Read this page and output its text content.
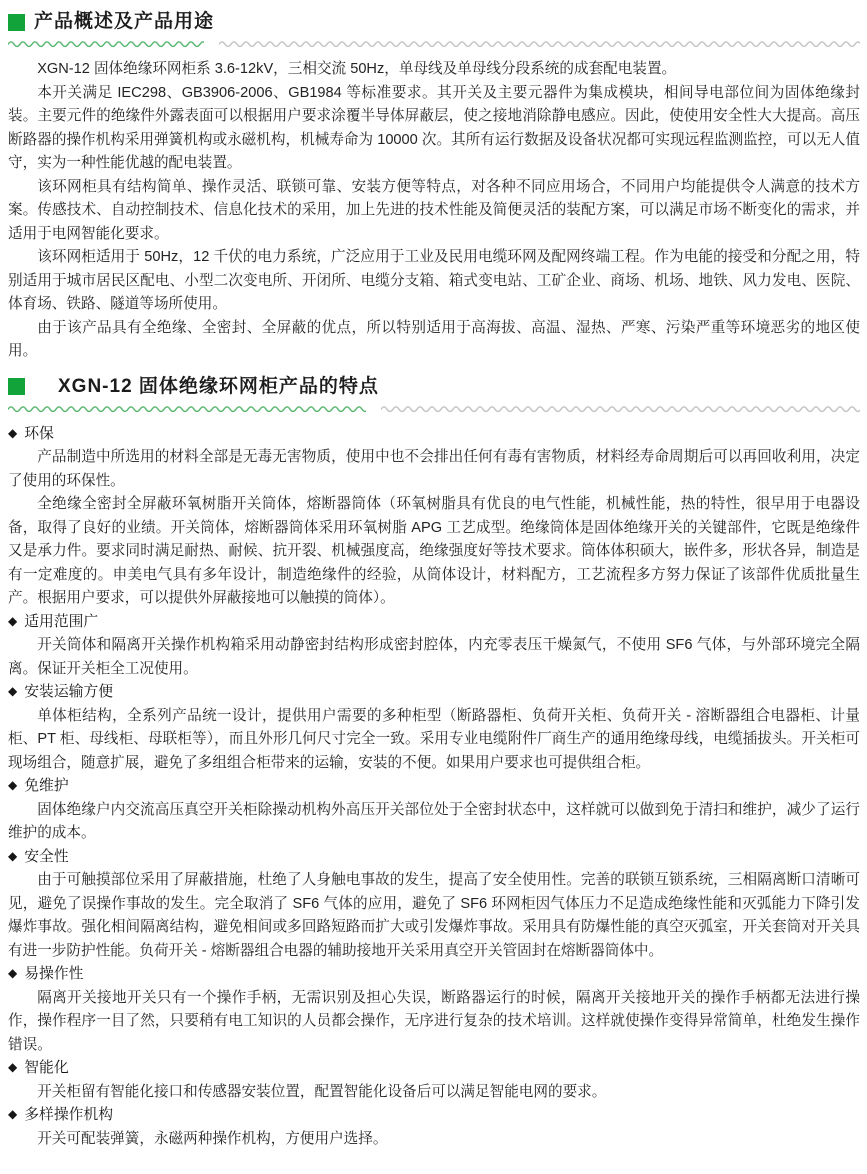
产品概述及产品用途

XGN-12 固体绝缘环网柜系 3.6-12kV，三相交流 50Hz，单母线及单母线分段系统的成套配电装置。

本开关满足 IEC298、GB3906-2006、GB1984 等标准要求。其开关及主要元器件为集成模块，相间导电部位间为固体绝缘封装。主要元件的绝缘件外露表面可以根据用户要求涂覆半导体屏蔽层，使之接地消除静电感应。因此，使使用安全性大大提高。高压断路器的操作机构采用弹簧机构或永磁机构，机械寿命为 10000 次。其所有运行数据及设备状况都可实现远程监测监控，可以无人值守，实为一种性能优越的配电装置。

该环网柜具有结构简单、操作灵活、联锁可靠、安装方便等特点，对各种不同应用场合，不同用户均能提供令人满意的技术方案。传感技术、自动控制技术、信息化技术的采用，加上先进的技术性能及简便灵活的装配方案，可以满足市场不断变化的需求，并适用于电网智能化要求。

该环网柜适用于 50Hz，12 千伏的电力系统，广泛应用于工业及民用电缆环网及配网终端工程。作为电能的接受和分配之用，特别适用于城市居民区配电、小型二次变电所、开闭所、电缆分支箱、箱式变电站、工矿企业、商场、机场、地铁、风力发电、医院、体育场、铁路、隧道等场所使用。

由于该产品具有全绝缘、全密封、全屏蔽的优点，所以特别适用于高海拔、高温、湿热、严寒、污染严重等环境恶劣的地区使用。

XGN-12 固体绝缘环网柜产品的特点

◆ 环保

产品制造中所选用的材料全部是无毒无害物质，使用中也不会排出任何有毒有害物质，材料经寿命周期后可以再回收利用，决定了使用的环保性。

全绝缘全密封全屏蔽环氧树脂开关筒体，熔断器筒体（环氧树脂具有优良的电气性能，机械性能，热的特性，很早用于电器设备，取得了良好的业绩。开关筒体，熔断器筒体采用环氧树脂 APG 工艺成型。绝缘筒体是固体绝缘开关的关键部件，它既是绝缘件又是承力件。要求同时满足耐热、耐候、抗开裂、机械强度高，绝缘强度好等技术要求。筒体体积硕大，嵌件多，形状各异，制造是有一定难度的。申美电气具有多年设计，制造绝缘件的经验，从筒体设计，材料配方，工艺流程多方努力保证了该部件优质批量生产。根据用户要求，可以提供外屏蔽接地可以触摸的筒体）。

◆ 适用范围广

开关筒体和隔离开关操作机构箱采用动静密封结构形成密封腔体，内充零表压干燥氮气，不使用 SF6 气体，与外部环境完全隔离。保证开关柜全工况使用。

◆ 安装运输方便

单体柜结构，全系列产品统一设计，提供用户需要的多种柜型（断路器柜、负荷开关柜、负荷开关 - 溶断器组合电器柜、计量柜、PT 柜、母线柜、母联柜等），而且外形几何尺寸完全一致。采用专业电缆附件厂商生产的通用绝缘母线，电缆插拔头。开关柜可现场组合，随意扩展，避免了多组组合柜带来的运输，安装的不便。如果用户要求也可提供组合柜。

◆ 免维护

固体绝缘户内交流高压真空开关柜除操动机构外高压开关部位处于全密封状态中，这样就可以做到免于清扫和维护，减少了运行维护的成本。

◆ 安全性

由于可触摸部位采用了屏蔽措施，杜绝了人身触电事故的发生，提高了安全使用性。完善的联锁互锁系统，三相隔离断口清晰可见，避免了误操作事故的发生。完全取消了 SF6 气体的应用，避免了 SF6 环网柜因气体压力不足造成绝缘性能和灭弧能力下降引发爆炸事故。强化相间隔离结构，避免相间或多回路短路而扩大或引发爆炸事故。采用具有防爆性能的真空灭弧室，开关套筒对开关具有进一步防护性能。负荷开关 - 熔断器组合电器的辅助接地开关采用真空开关管固封在熔断器筒体中。

◆ 易操作性

隔离开关接地开关只有一个操作手柄，无需识别及担心失误，断路器运行的时候，隔离开关接地开关的操作手柄都无法进行操作，操作程序一目了然，只要稍有电工知识的人员都会操作，无序进行复杂的技术培训。这样就使操作变得异常简单，杜绝发生操作错误。

◆ 智能化

开关柜留有智能化接口和传感器安装位置，配置智能化设备后可以满足智能电网的要求。

◆ 多样操作机构

开关可配装弹簧，永磁两种操作机构，方便用户选择。
